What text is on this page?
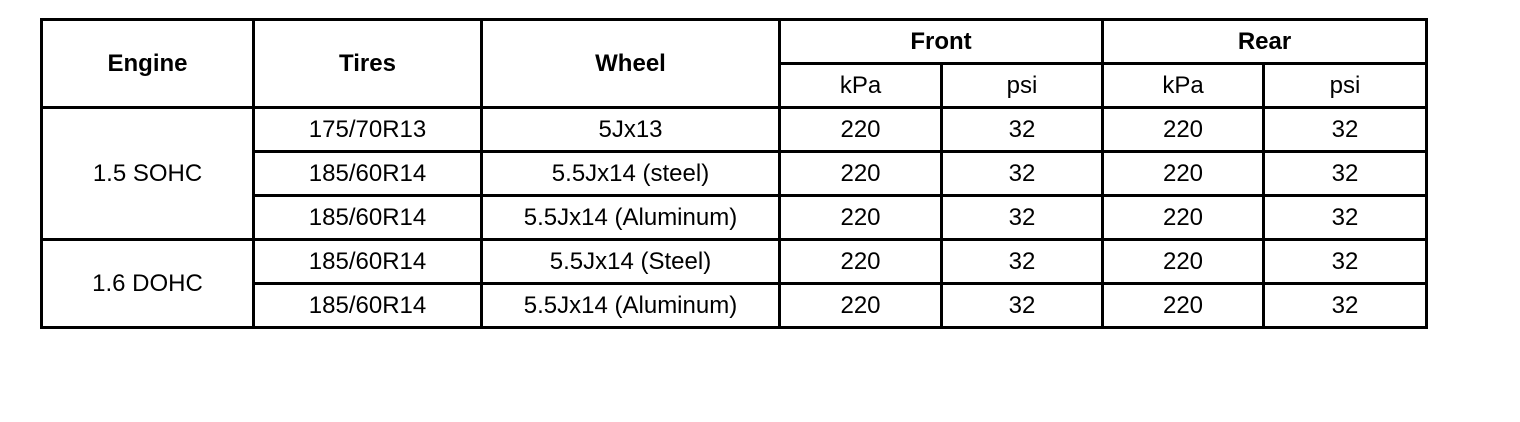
Engine	Tires	Wheel	Front		Rear	
			kPa	psi	kPa	psi
1.5 SOHC	175/70R13	5Jx13	220	32	220	32
	185/60R14	5.5Jx14 (steel)	220	32	220	32
	185/60R14	5.5Jx14 (Aluminum)	220	32	220	32
1.6 DOHC	185/60R14	5.5Jx14 (Steel)	220	32	220	32
	185/60R14	5.5Jx14 (Aluminum)	220	32	220	32
